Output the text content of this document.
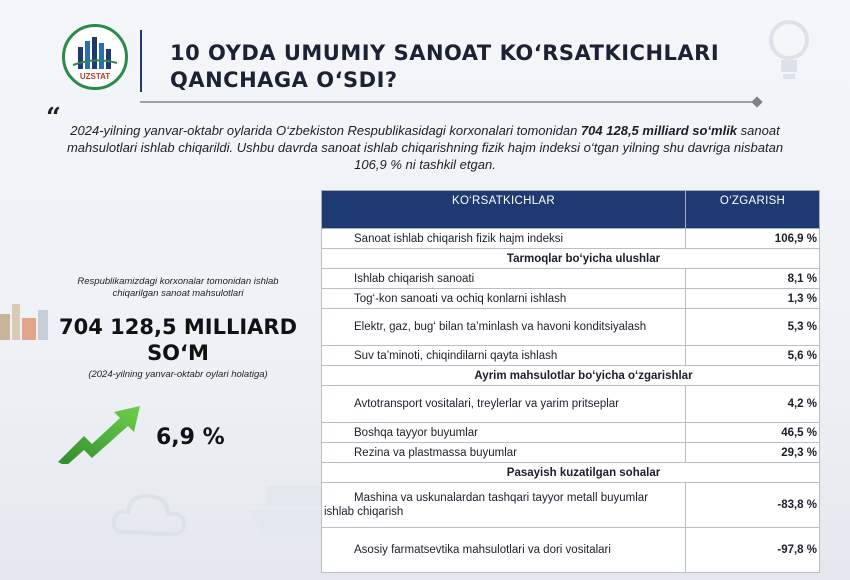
UZSTAT
10 OYDA UMUMIY SANOAT KO‘RSATKICHLARI
QANCHAGA O‘SDI?
“ 2024-yilning yanvar-oktabr oylarida O‘zbekiston Respublikasidagi korxonalari tomonidan 704 128,5 milliard so‘mlik sanoat mahsulotlari ishlab chiqarildi. Ushbu davrda sanoat ishlab chiqarishning fizik hajm indeksi o‘tgan yilning shu davriga nisbatan 106,9 % ni tashkil etgan.
Respublikamizdagi korxonalar tomonidan ishlab chiqarilgan sanoat mahsulotlari
704 128,5 MILLIARD
SO‘M
(2024-yilning yanvar-oktabr oylari holatiga)
6,9 %
KO‘RSATKICHLAR	O‘ZGARISH
Sanoat ishlab chiqarish fizik hajm indeksi	106,9 %
Tarmoqlar bo‘yicha ulushlar	
Ishlab chiqarish sanoati	8,1 %
Tog‘-kon sanoati va ochiq konlarni ishlash	1,3 %
Elektr, gaz, bug‘ bilan ta’minlash va havoni konditsiyalash	5,3 %
Suv ta’minoti, chiqindilarni qayta ishlash	5,6 %
Ayrim mahsulotlar bo‘yicha o‘zgarishlar	
Avtotransport vositalari, treylerlar va yarim pritseplar	4,2 %
Boshqa tayyor buyumlar	46,5 %
Rezina va plastmassa buyumlar	29,3 %
Pasayish kuzatilgan sohalar	
Mashina va uskunalardan tashqari tayyor metall buyumlar ishlab chiqarish	-83,8 %
Asosiy farmatsevtika mahsulotlari va dori vositalari	-97,8 %
